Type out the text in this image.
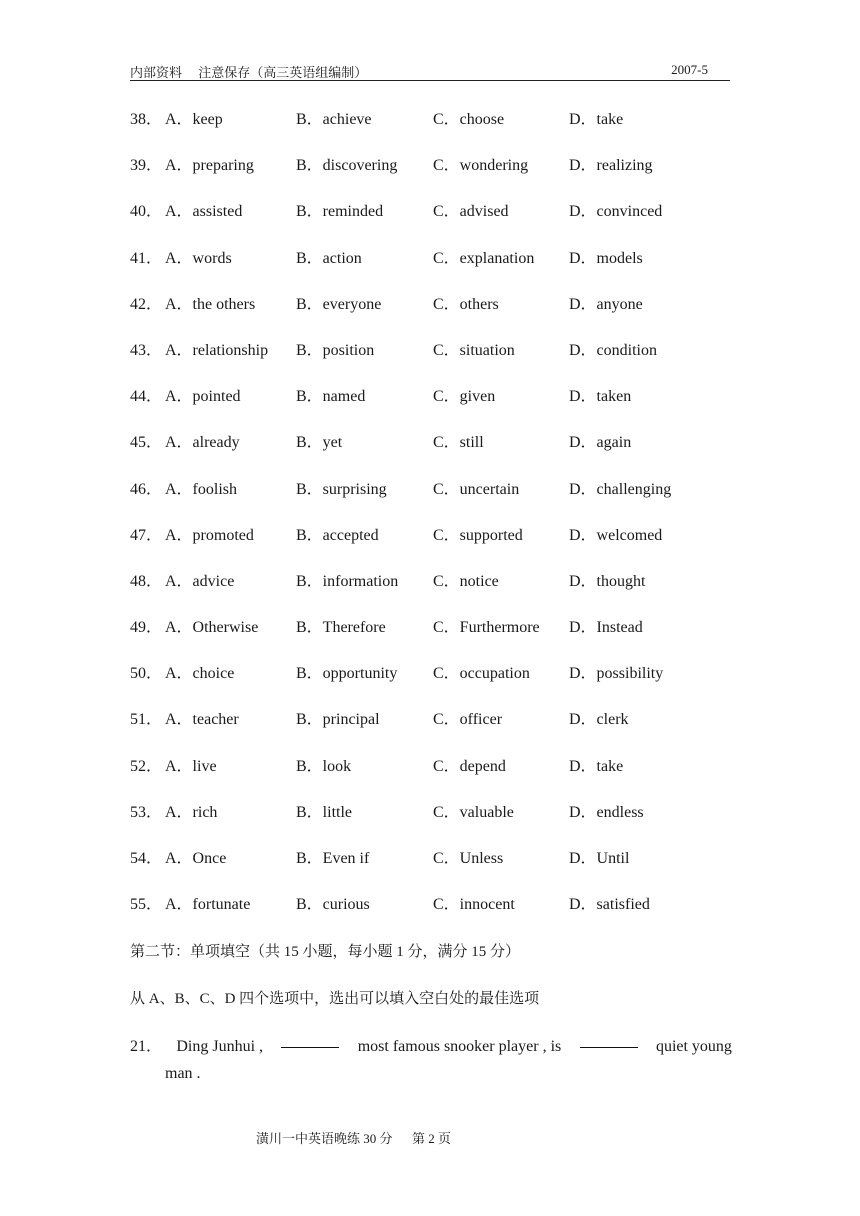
内部资料　 注意保存（高三英语组编制）	2007-5
38． A．keep	B．achieve	C．choose	D．take
39． A．preparing	B．discovering C．wondering	D．realizing
40． A．assisted	B．reminded	C．advised	D．convinced
41． A．words	B．action	C．explanation D．models
42． A．the others	B．everyone	C．others	D．anyone
43． A．relationship B．position	C．situation	D．condition
44． A．pointed	B．named	C．given	D．taken
45． A．already	B．yet	C．still	D．again
46． A．foolish	B．surprising	C．uncertain	D．challenging
47． A．promoted	B．accepted	C．supported	D．welcomed
48． A．advice	B．information C．notice	D．thought
49． A．Otherwise B．Therefore	C．Furthermore D．Instead
50． A．choice	B．opportunity C．occupation D．possibility
51． A．teacher	B．principal	C．officer	D．clerk
52． A．live	B．look	C．depend	D．take
53． A．rich	B．little	C．valuable	D．endless
54． A．Once	B．Even if	C．Unless	D．Until
55． A．fortunate	B．curious	C．innocent	D．satisfied
第二节：单项填空（共 15 小题，每小题 1 分，满分 15 分）
从 A、B、C、D 四个选项中，选出可以填入空白处的最佳选项
21． Ding Junhui ,	most famous snooker player , is	quiet young
man .
潢川一中英语晚练 30 分 　 第 2 页
